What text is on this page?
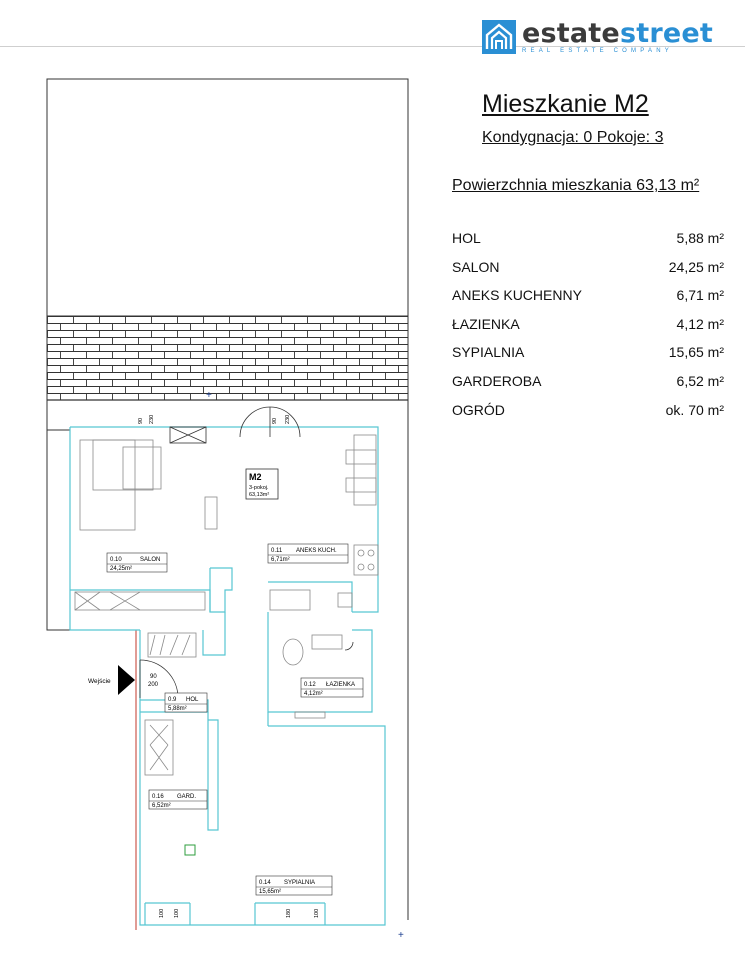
estatestreet
REAL ESTATE COMPANY
Mieszkanie M2
Kondygnacja: 0 Pokoje: 3
Powierzchnia mieszkania 63,13 m²
HOL	5,88 m²
SALON	24,25 m²
ANEKS KUCHENNY	6,71 m²
ŁAZIENKA	4,12 m²
SYPIALNIA	15,65 m²
GARDEROBA	6,52 m²
OGRÓD	ok. 70 m²
+
+
Wejście
90
200
90 230	90 230
100 100	180	100
M2
3-pokoj.
63,13m²
0.10	SALON
24,25m²
0.11 ANEKS KUCH.
6,71m²
0.12 ŁAZIENKA
4,12m²
0.9 HOL
5,88m²
0.16 GARD.
6,52m²
0.14 SYPIALNIA
15,65m²
